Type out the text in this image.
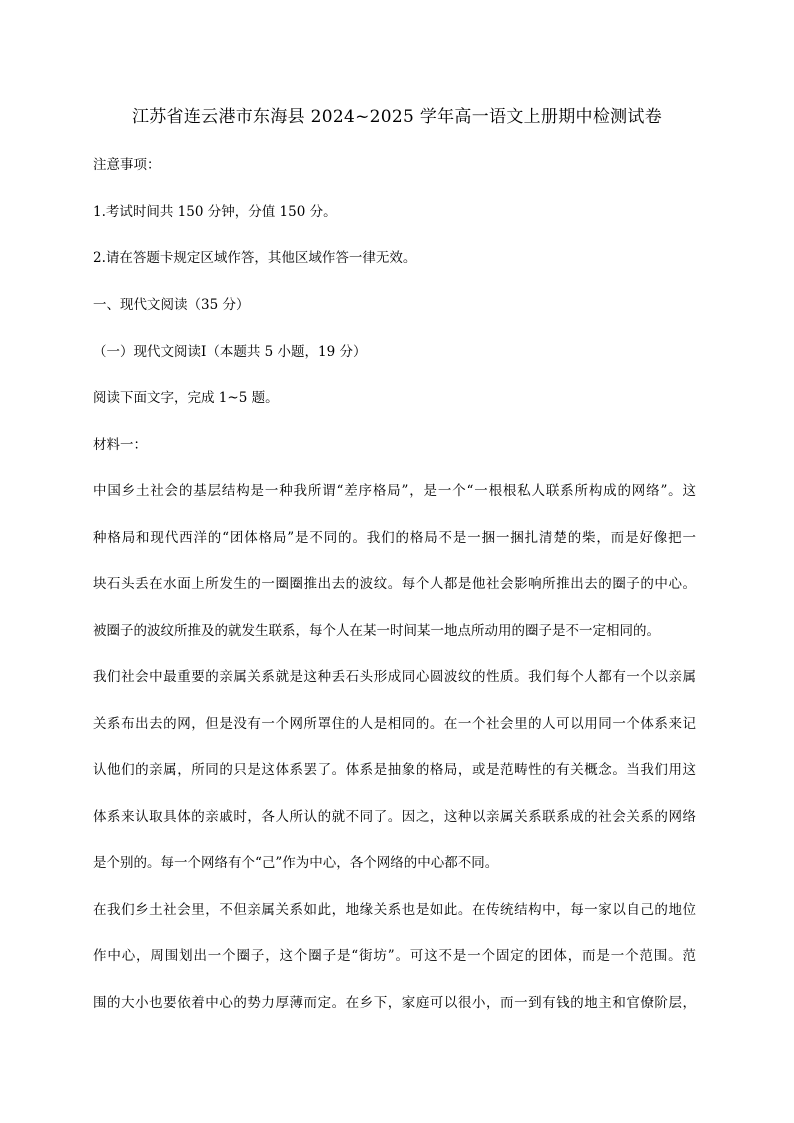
江苏省连云港市东海县 2024~2025 学年高一语文上册期中检测试卷
注意事项：
1.考试时间共 150 分钟，分值 150 分。
2.请在答题卡规定区域作答，其他区域作答一律无效。
一、现代文阅读（35 分）
（一）现代文阅读Ⅰ（本题共 5 小题，19 分）
阅读下面文字，完成 1~5 题。
材料一：
中国乡土社会的基层结构是一种我所谓“差序格局”，是一个“一根根私人联系所构成的网络”。这
种格局和现代西洋的“团体格局”是不同的。我们的格局不是一捆一捆扎清楚的柴，而是好像把一
块石头丢在水面上所发生的一圈圈推出去的波纹。每个人都是他社会影响所推出去的圈子的中心。
被圈子的波纹所推及的就发生联系，每个人在某一时间某一地点所动用的圈子是不一定相同的。
我们社会中最重要的亲属关系就是这种丢石头形成同心圆波纹的性质。我们每个人都有一个以亲属
关系布出去的网，但是没有一个网所罩住的人是相同的。在一个社会里的人可以用同一个体系来记
认他们的亲属，所同的只是这体系罢了。体系是抽象的格局，或是范畴性的有关概念。当我们用这
体系来认取具体的亲戚时，各人所认的就不同了。因之，这种以亲属关系联系成的社会关系的网络
是个别的。每一个网络有个“己”作为中心，各个网络的中心都不同。
在我们乡土社会里，不但亲属关系如此，地缘关系也是如此。在传统结构中，每一家以自己的地位
作中心，周围划出一个圈子，这个圈子是“街坊”。可这不是一个固定的团体，而是一个范围。范
围的大小也要依着中心的势力厚薄而定。在乡下，家庭可以很小，而一到有钱的地主和官僚阶层，
